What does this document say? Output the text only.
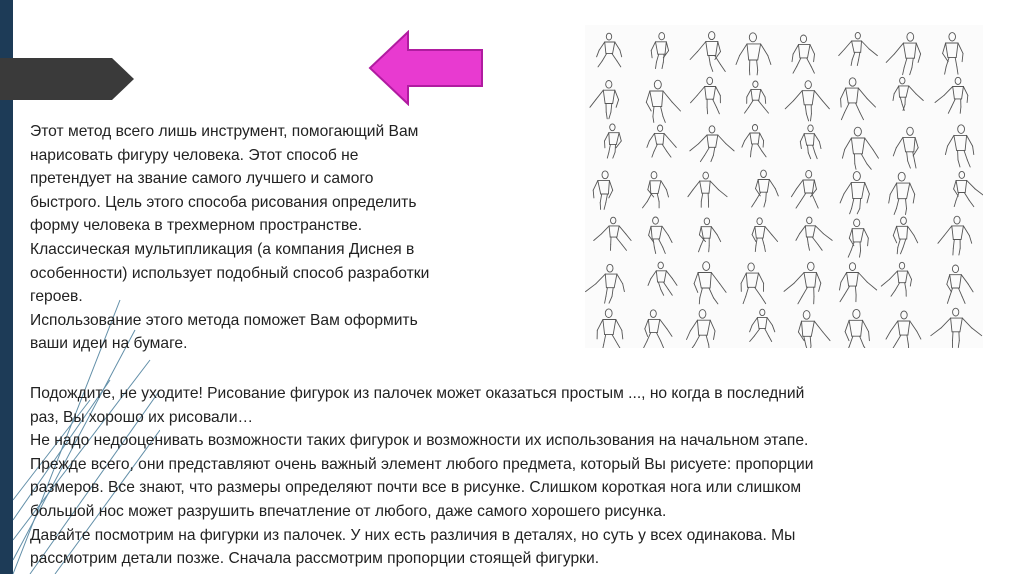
Этот метод всего лишь инструмент, помогающий Вам
нарисовать фигуру человека. Этот способ не
претендует на звание самого лучшего и самого
быстрого. Цель этого способа рисования определить
форму человека в трехмерном пространстве.
Классическая мультипликация (а компания Диснея в
особенности) использует подобный способ разработки
героев.
Использование этого метода поможет Вам оформить
ваши идеи на бумаге.

Подождите, не уходите! Рисование фигурок из палочек может оказаться простым ..., но когда в последний
раз, Вы хорошо их рисовали…
Не надо недооценивать возможности таких фигурок и возможности их использования на начальном этапе.
Прежде всего, они представляют очень важный элемент любого предмета, который Вы рисуете: пропорции
размеров. Все знают, что размеры определяют почти все в рисунке. Слишком короткая нога или слишком
большой нос может разрушить впечатление от любого, даже самого хорошего рисунка.
Давайте посмотрим на фигурки из палочек. У них есть различия в деталях, но суть у всех одинакова. Мы
рассмотрим детали позже. Сначала рассмотрим пропорции стоящей фигурки.
